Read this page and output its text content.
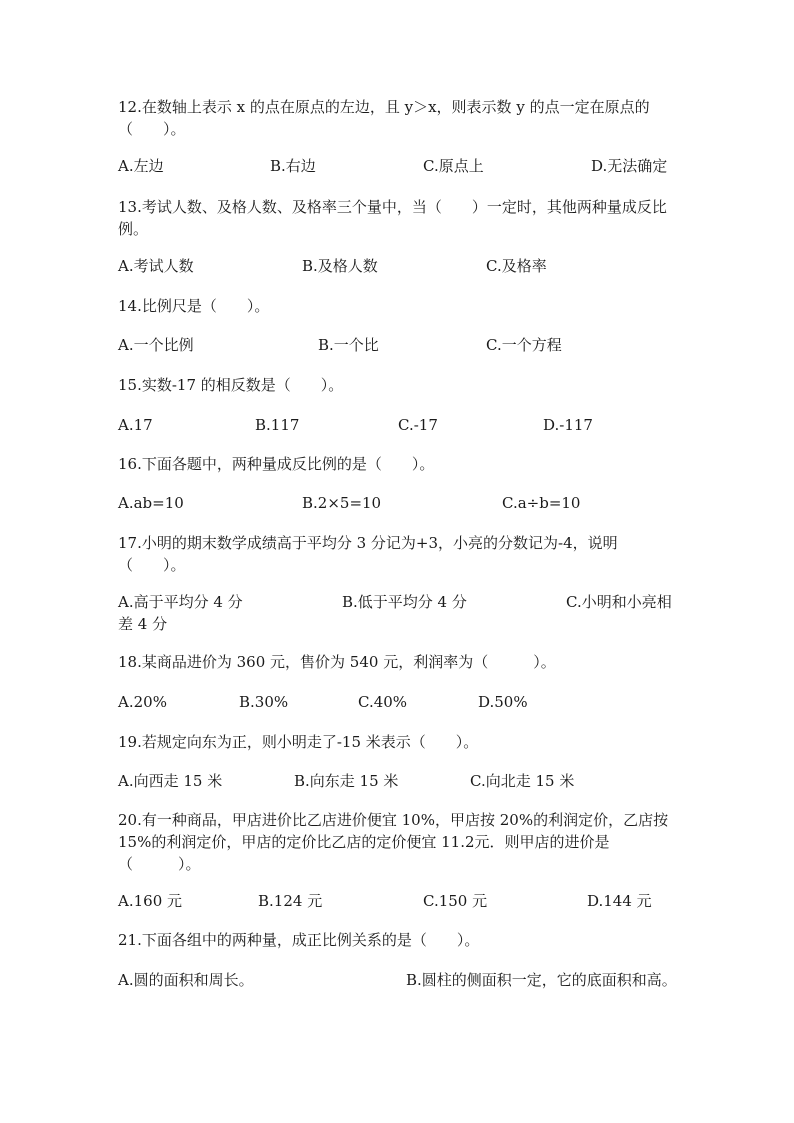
12.在数轴上表示 x 的点在原点的左边，且 y＞x，则表示数 y 的点一定在原点的（　　）。

A.左边	B.右边	C.原点上	D.无法确定

13.考试人数、及格人数、及格率三个量中，当（　　）一定时，其他两种量成反比例。

A.考试人数	B.及格人数	C.及格率

14.比例尺是（　　）。

A.一个比例	B.一个比	C.一个方程

15.实数-17 的相反数是（　　）。

A.17	B.117	C.-17	D.-117

16.下面各题中，两种量成反比例的是（　　）。

A.ab=10	B.2×5=10	C.a÷b=10

17.小明的期末数学成绩高于平均分 3 分记为+3，小亮的分数记为-4，说明（　　）。

A.高于平均分 4 分	B.低于平均分 4 分	C.小明和小亮相差 4 分

18.某商品进价为 360 元，售价为 540 元，利润率为（　　　）。

A.20%	B.30%	C.40%	D.50%

19.若规定向东为正，则小明走了-15 米表示（　　）。

A.向西走 15 米	B.向东走 15 米	C.向北走 15 米

20.有一种商品，甲店进价比乙店进价便宜 10%，甲店按 20%的利润定价，乙店按 15%的利润定价，甲店的定价比乙店的定价便宜 11.2元．则甲店的进价是（　　　）。

A.160 元	B.124 元	C.150 元	D.144 元

21.下面各组中的两种量，成正比例关系的是（　　）。

A.圆的面积和周长。	B.圆柱的侧面积一定，它的底面积和高。
